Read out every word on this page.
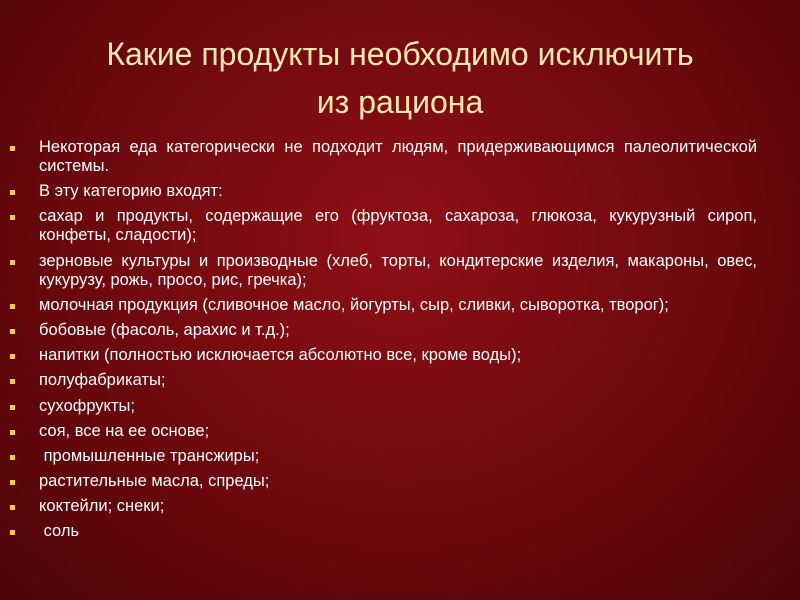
Какие продукты необходимо исключить
из рациона
Некоторая еда категорически не подходит людям, придерживающимся палеолитической системы.
В эту категорию входят:
сахар и продукты, содержащие его (фруктоза, сахароза, глюкоза, кукурузный сироп, конфеты, сладости);
зерновые культуры и производные (хлеб, торты, кондитерские изделия, макароны, овес, кукурузу, рожь, просо, рис, гречка);
молочная продукция (сливочное масло, йогурты, сыр, сливки, сыворотка, творог);
бобовые (фасоль, арахис и т.д.);
напитки (полностью исключается абсолютно все, кроме воды);
полуфабрикаты;
сухофрукты;
соя, все на ее основе;
промышленные трансжиры;
растительные масла, спреды;
коктейли; снеки;
соль
